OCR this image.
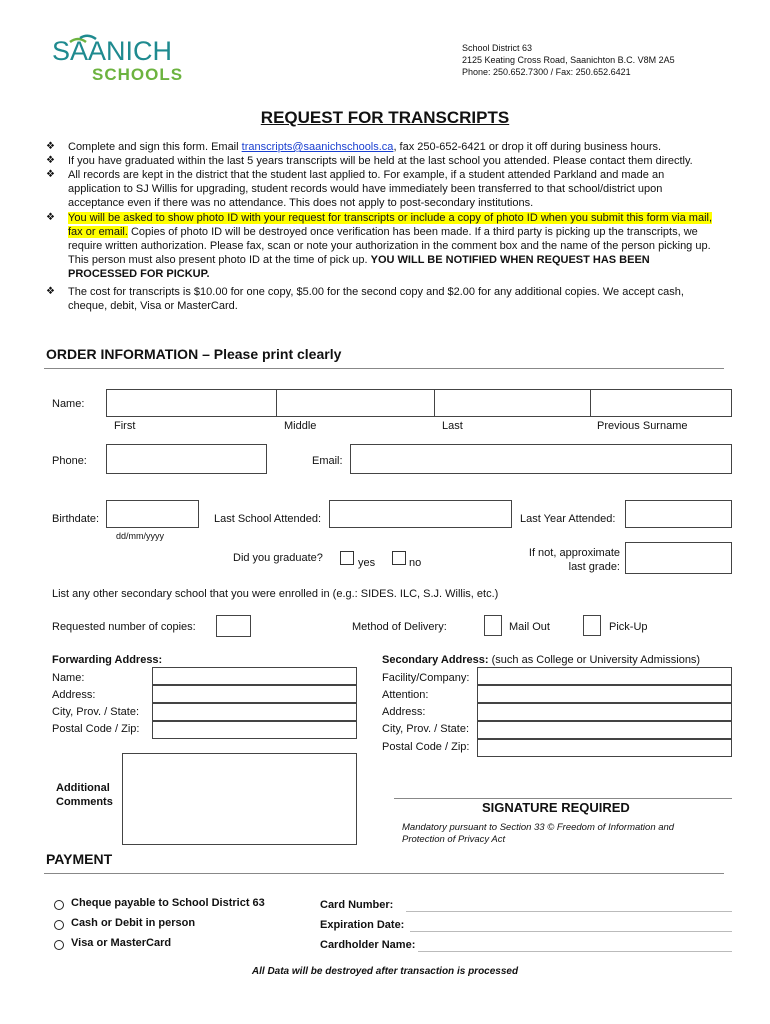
SAANICH
SCHOOLS
School District 63
2125 Keating Cross Road, Saanichton B.C. V8M 2A5
Phone: 250.652.7300 / Fax: 250.652.6421
REQUEST FOR TRANSCRIPTS
❖ Complete and sign this form. Email transcripts@saanichschools.ca, fax 250-652-6421 or drop it off during business hours.
❖ If you have graduated within the last 5 years transcripts will be held at the last school you attended. Please contact them directly.
❖ All records are kept in the district that the student last applied to. For example, if a student attended Parkland and made an application to SJ Willis for upgrading, student records would have immediately been transferred to that school/district upon acceptance even if there was no attendance. This does not apply to post-secondary institutions.
❖ You will be asked to show photo ID with your request for transcripts or include a copy of photo ID when you submit this form via mail, fax or email. Copies of photo ID will be destroyed once verification has been made. If a third party is picking up the transcripts, we require written authorization. Please fax, scan or note your authorization in the comment box and the name of the person picking up. This person must also present photo ID at the time of pick up. YOU WILL BE NOTIFIED WHEN REQUEST HAS BEEN PROCESSED FOR PICKUP.
❖ The cost for transcripts is $10.00 for one copy, $5.00 for the second copy and $2.00 for any additional copies. We accept cash, cheque, debit, Visa or MasterCard.
ORDER INFORMATION – Please print clearly
Name:
First	Middle	Last	Previous Surname
Phone:	Email:
Birthdate:
dd/mm/yyyy
Last School Attended:	Last Year Attended:
Did you graduate?	yes	no
If not, approximate
last grade:
List any other secondary school that you were enrolled in (e.g.: SIDES. ILC, S.J. Willis, etc.)
Requested number of copies:	Method of Delivery:	Mail Out	Pick-Up
Forwarding Address:
Name:
Address:
City, Prov. / State:
Postal Code / Zip:
Secondary Address: (such as College or University Admissions)
Facility/Company:
Attention:
Address:
City, Prov. / State:
Postal Code / Zip:
Additional
Comments	SIGNATURE REQUIRED
Mandatory pursuant to Section 33 © Freedom of Information and Protection of Privacy Act
PAYMENT
Cheque payable to School District 63
Cash or Debit in person
Visa or MasterCard
Card Number:
Expiration Date:
Cardholder Name:
All Data will be destroyed after transaction is processed
